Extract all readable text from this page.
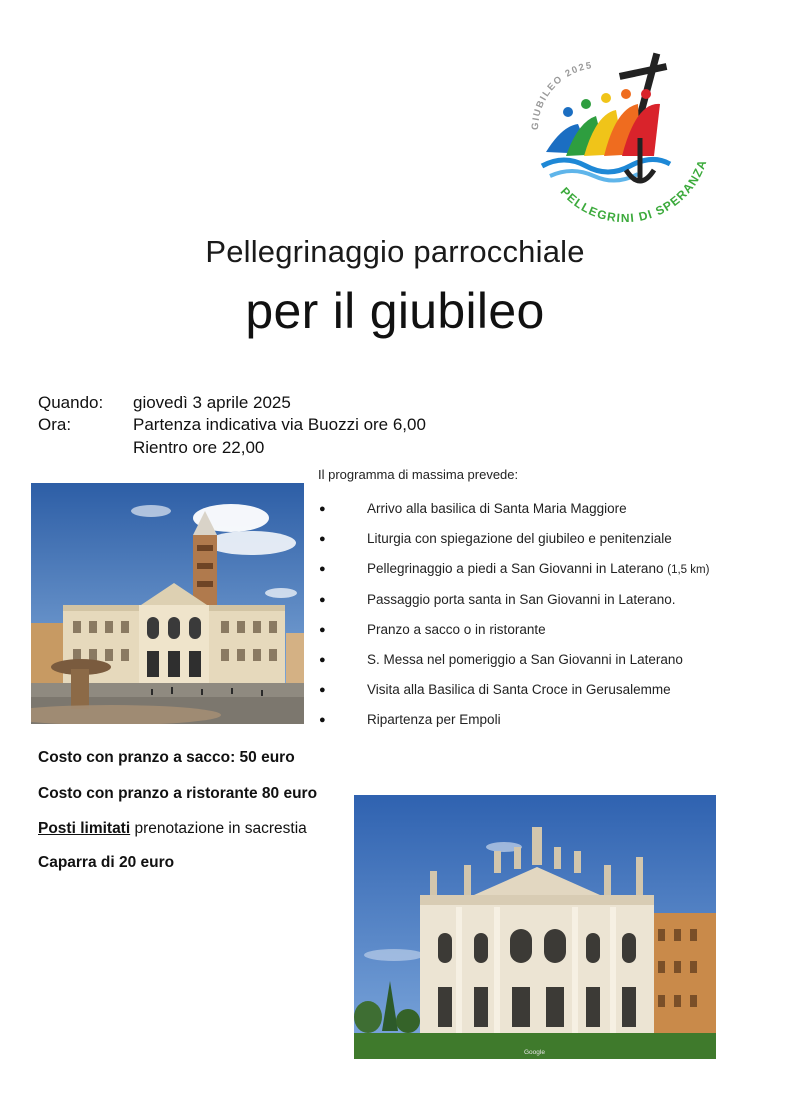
GIUBILEO 2025
PELLEGRINI DI SPERANZA
Pellegrinaggio parrocchiale
per il giubileo
Quando: giovedì 3 aprile 2025
Ora:	Partenza indicativa via Buozzi ore 6,00
Rientro ore 22,00
Il programma di massima prevede:
●	Arrivo alla basilica di Santa Maria Maggiore
●	Liturgia con spiegazione del giubileo e penitenziale
●	Pellegrinaggio a piedi a San Giovanni in Laterano (1,5 km)
●	Passaggio porta santa in San Giovanni in Laterano.
●	Pranzo a sacco o in ristorante
●	S. Messa nel pomeriggio a San Giovanni in Laterano
●	Visita alla Basilica di Santa Croce in Gerusalemme
●	Ripartenza per Empoli
Costo con pranzo a sacco: 50 euro
Costo con pranzo a ristorante 80 euro
Posti limitati prenotazione in sacrestia
Caparra di 20 euro
Google
